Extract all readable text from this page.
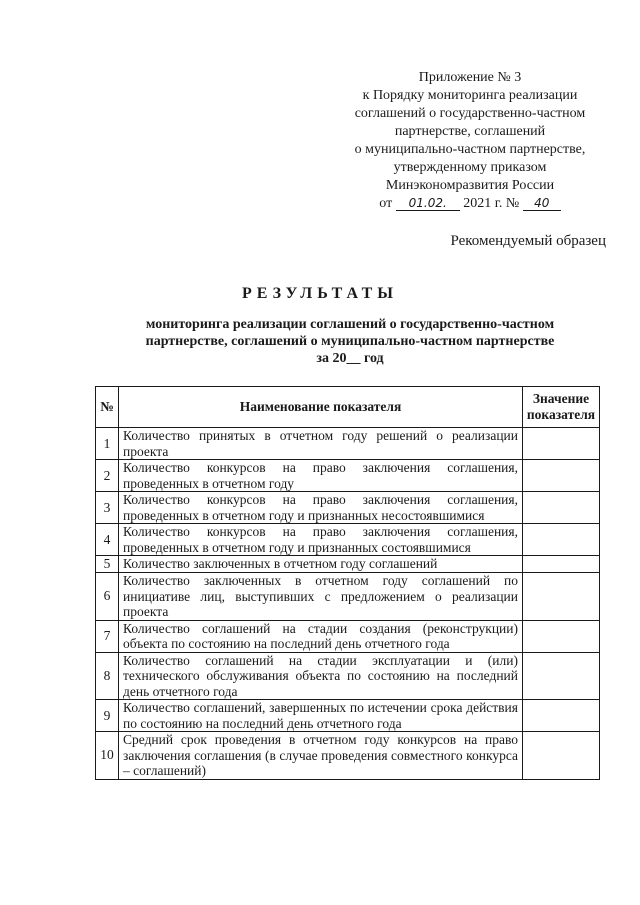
Приложение № 3
к Порядку мониторинга реализации
соглашений о государственно-частном
партнерстве, соглашений
о муниципально-частном партнерстве,
утвержденному приказом
Минэкономразвития России
от 01.02. 2021 г. № 40
Рекомендуемый образец
РЕЗУЛЬТАТЫ
мониторинга реализации соглашений о государственно-частном
партнерстве, соглашений о муниципально-частном партнерстве
за 20__ год
№	Наименование показателя	Значение показателя
1	Количество принятых в отчетном году решений о реализации проекта	
2	Количество конкурсов на право заключения соглашения, проведенных в отчетном году	
3	Количество конкурсов на право заключения соглашения, проведенных в отчетном году и признанных несостоявшимися	
4	Количество конкурсов на право заключения соглашения, проведенных в отчетном году и признанных состоявшимися	
5	Количество заключенных в отчетном году соглашений	
6	Количество заключенных в отчетном году соглашений по инициативе лиц, выступивших с предложением о реализации проекта	
7	Количество соглашений на стадии создания (реконструкции) объекта по состоянию на последний день отчетного года	
8	Количество соглашений на стадии эксплуатации и (или) технического обслуживания объекта по состоянию на последний день отчетного года	
9	Количество соглашений, завершенных по истечении срока действия по состоянию на последний день отчетного года	
10	Средний срок проведения в отчетном году конкурсов на право заключения соглашения (в случае проведения совместного конкурса – соглашений)	
